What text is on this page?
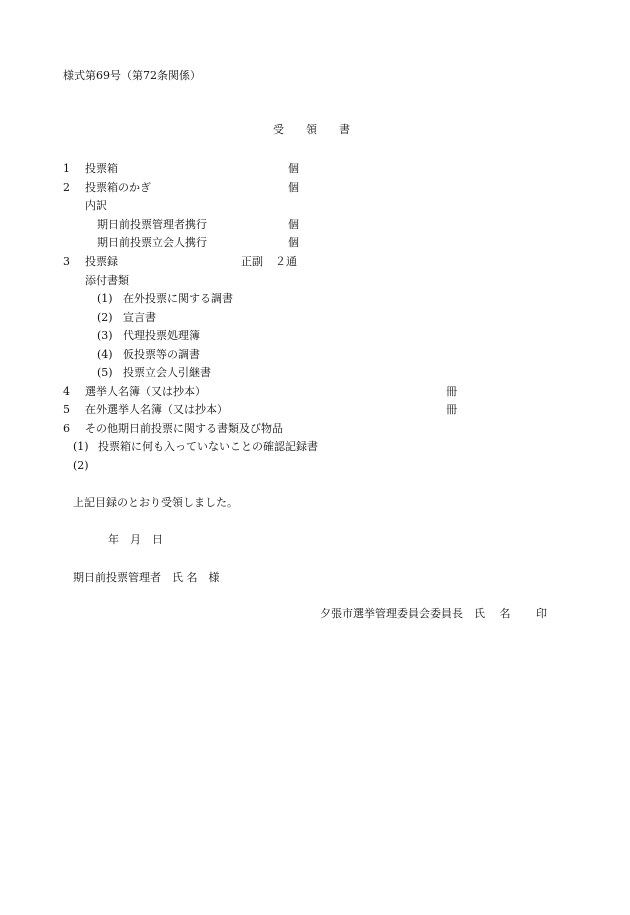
様式第69号（第72条関係）
受　　領　　書
1 投票箱	個
2 投票箱のかぎ	個
内訳
期日前投票管理者携行	個
期日前投票立会人携行	個
3 投票録	正副 ２通
添付書類
(1) 在外投票に関する調書
(2) 宣言書
(3) 代理投票処理簿
(4) 仮投票等の調書
(5) 投票立会人引継書
4 選挙人名簿（又は抄本）	冊
5 在外選挙人名簿（又は抄本）	冊
6 その他期日前投票に関する書類及び物品
(1) 投票箱に何も入っていないことの確認記録書
(2)
上記目録のとおり受領しました。
年　月　日
期日前投票管理者　氏 名　様
夕張市選挙管理委員会委員長　氏　 名　　 印
